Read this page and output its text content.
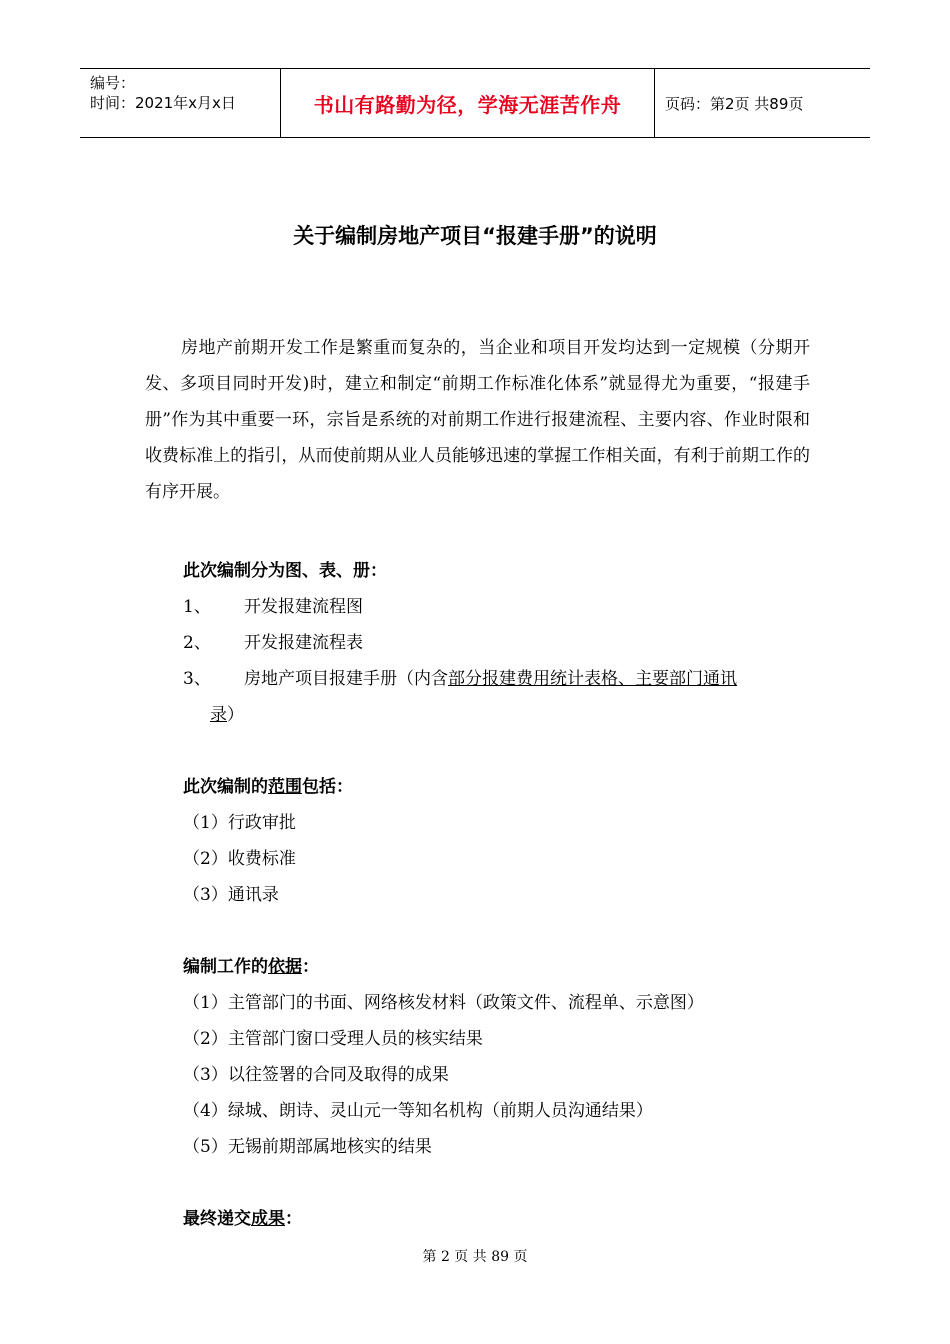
编号：
时间：2021年x月x日	书山有路勤为径，学海无涯苦作舟	页码：第2页 共89页
关于编制房地产项目“报建手册”的说明
房地产前期开发工作是繁重而复杂的，当企业和项目开发均达到一定规模（分期开发、多项目同时开发)时，建立和制定“前期工作标准化体系”就显得尤为重要，“报建手册”作为其中重要一环，宗旨是系统的对前期工作进行报建流程、主要内容、作业时限和收费标准上的指引，从而使前期从业人员能够迅速的掌握工作相关面，有利于前期工作的有序开展。
此次编制分为图、表、册：
1、 开发报建流程图
2、 开发报建流程表
3、 房地产项目报建手册（内含部分报建费用统计表格、主要部门通讯
录）
此次编制的范围包括：
（1）行政审批
（2）收费标准
（3）通讯录
编制工作的依据：
（1）主管部门的书面、网络核发材料（政策文件、流程单、示意图）
（2）主管部门窗口受理人员的核实结果
（3）以往签署的合同及取得的成果
（4）绿城、朗诗、灵山元一等知名机构（前期人员沟通结果）
（5）无锡前期部属地核实的结果
最终递交成果：
第 2 页 共 89 页
